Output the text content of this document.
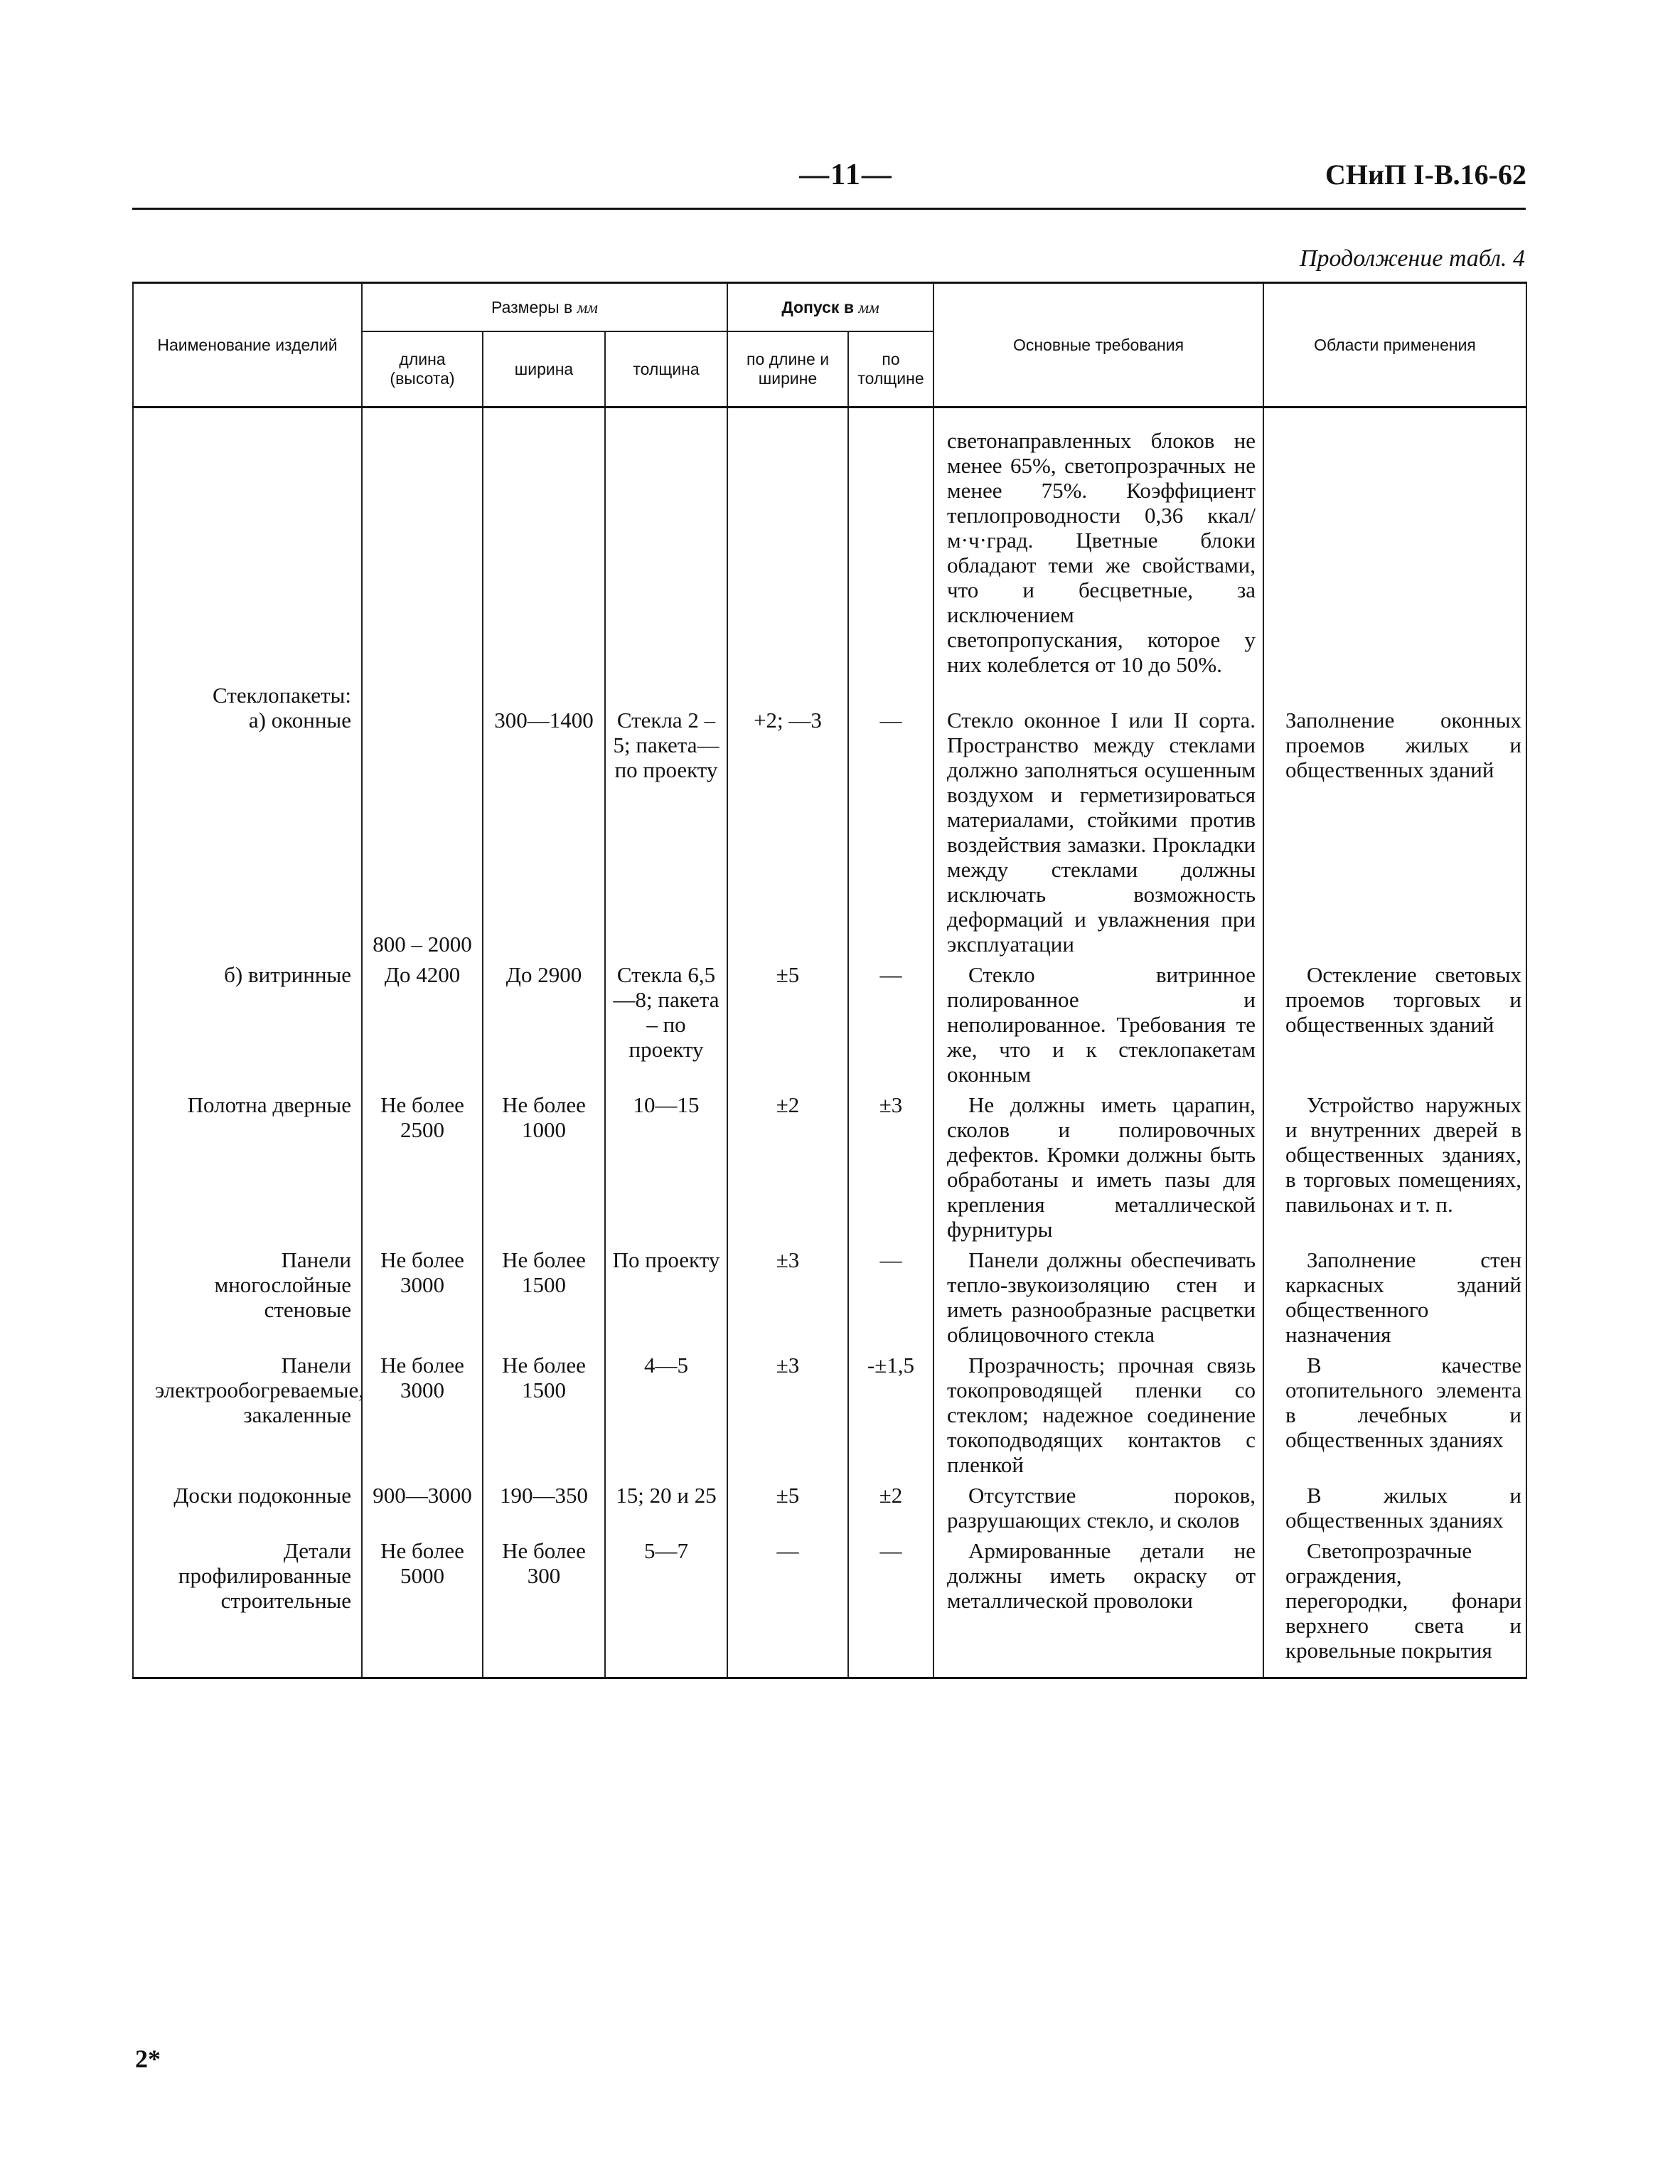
—11—	СНиП I-В.16-62
Продолжение табл. 4
Наименование изделий	Размеры в мм			Допуск в мм		Основные требования	Области применения
	длина (высота)	ширина	толщина	по длине и ширине	по толщине		
						светонаправленных блоков не менее 65%, светопрозрачных не менее 75%. Коэффициент теплопроводности 0,36 ккал/м·ч·град. Цветные блоки обладают теми же свойствами, что и бесцветные, за исключением светопропускания, которое у них колеблется от 10 до 50%.	

Стеклопакеты:
а) оконные	800 – 2000	300—1400	Стекла 2 – 5; пакета— по проекту	+2; —3	—	Стекло оконное I или II сорта. Пространство между стеклами должно заполняться осушенным воздухом и герметизироваться материалами, стойкими против воздействия замазки. Прокладки между стеклами должны исключать возможность деформаций и увлажнения при эксплуатации	Заполнение оконных проемов жилых и общественных зданий
б) витринные	До 4200	До 2900	Стекла 6,5—8; пакета – по проекту	±5	—	Стекло витринное полированное и неполированное. Требования те же, что и к стеклопакетам оконным	Остекление световых проемов торговых и общественных зданий
Полотна дверные	Не более 2500	Не более 1000	10—15	±2	±3	Не должны иметь царапин, сколов и полировочных дефектов. Кромки должны быть обработаны и иметь пазы для крепления металлической фурнитуры	Устройство наружных и внутренних дверей в общественных зданиях, в торговых помещениях, павильонах и т. п.
Панели многослойные стеновые	Не более 3000	Не более 1500	По проекту	±3	—	Панели должны обеспечивать тепло-звукоизоляцию стен и иметь разнообразные расцветки облицовочного стекла	Заполнение стен каркасных зданий общественного назначения
Панели электрообогреваемые, закаленные	Не более 3000	Не более 1500	4—5	±3	-±1,5	Прозрачность; прочная связь токопроводящей пленки со стеклом; надежное соединение токоподводящих контактов с пленкой	В качестве отопительного элемента в лечебных и общественных зданиях
Доски подоконные	900—3000	190—350	15; 20 и 25	±5	±2	Отсутствие пороков, разрушающих стекло, и сколов	В жилых и общественных зданиях
Детали профилированные строительные	Не более 5000	Не более 300	5—7	—	—	Армированные детали не должны иметь окраску от металлической проволоки	Светопрозрачные ограждения, перегородки, фонари верхнего света и кровельные покрытия
2*
